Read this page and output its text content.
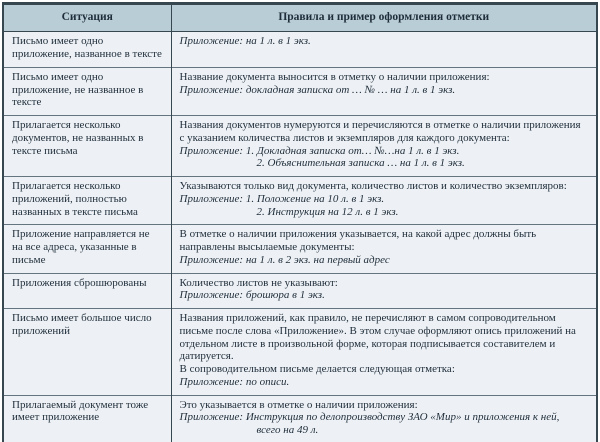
Ситуация	Правила и пример оформления отметки
Письмо имеет одно приложение, названное в тексте	Приложение: на 1 л. в 1 экз.

Письмо имеет одно приложение, не названное в тексте	Название документа выносится в отметку о наличии приложения:
Приложение: докладная записка от … № … на 1 л. в 1 экз.

Прилагается несколько документов, не названных в тексте письма	Названия документов нумеруются и перечисляются в отметке о наличии приложения с указанием количества листов и экземпляров для каждого документа:
Приложение: 1. Докладная записка от… №…на 1 л. в 1 экз.
2. Объяснительная записка … на 1 л. в 1 экз.

Прилагается несколько приложений, полностью названных в тексте письма	Указываются только вид документа, количество листов и количество экземпляров:
Приложение: 1. Положение на 10 л. в 1 экз.
2. Инструкция на 12 л. в 1 экз.

Приложение направляется не на все адреса, указанные в письме	В отметке о наличии приложения указывается, на какой адрес должны быть направлены высылаемые документы:
Приложение: на 1 л. в 2 экз. на первый адрес

Приложения сброшюрованы	Количество листов не указывают:
Приложение: брошюра в 1 экз.

Письмо имеет большое число приложений	Названия приложений, как правило, не перечисляют в самом сопроводительном письме после слова «Приложение». В этом случае оформляют опись приложений на отдельном листе в произвольной форме, которая подписывается составителем и датируется.
В сопроводительном письме делается следующая отметка:
Приложение: по описи.

Прилагаемый документ тоже имеет приложение	Это указывается в отметке о наличии приложения:
Приложение: Инструкция по делопроизводству ЗАО «Мир» и приложения к ней,
всего на 49 л.
